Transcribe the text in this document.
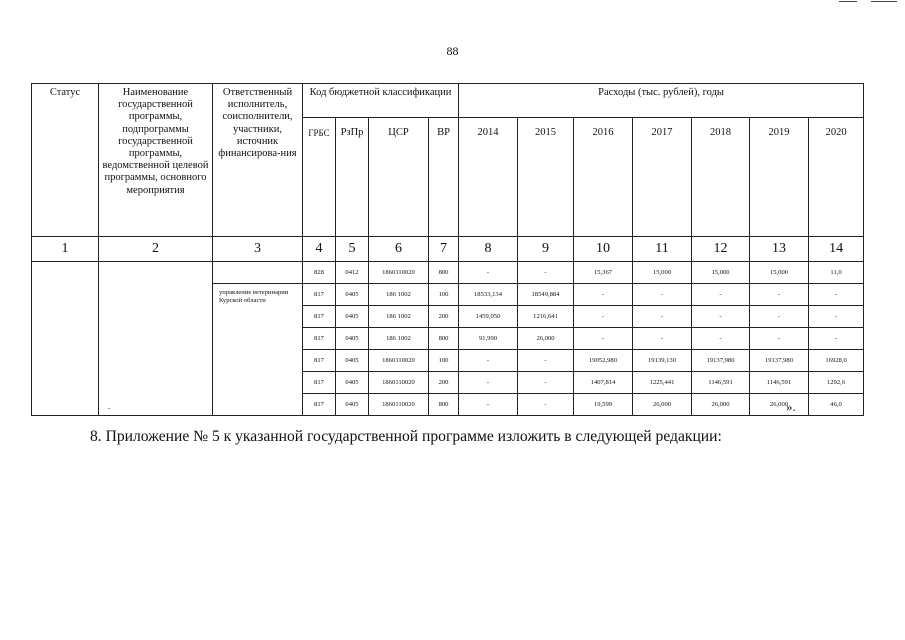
88
Статус	Наименование государственной программы, подпрограммы государственной программы, ведомственной целевой программы, основного мероприятия	Ответственный исполнитель, соисполнители, участники, источник финансирова-ния	Код бюджетной классификации				Расходы (тыс. рублей), годы						
			ГРБС	РзПр	ЦСР	ВР	2014	2015	2016	2017	2018	2019	2020
1	2	3	4	5	6	7	8	9	10	11	12	13	14
			828	0412	1860110020	800	-	-	15,367	15,000	15,000	15,000	11,0
		управление ветеринарии Курской области	817	0405	186 1002	100	18533,134	18549,884	-	-	-	-	-
			817	0405	186 1002	200	1459,050	1216,641	-	-	-	-	-
			817	0405	186 1002	800	91,990	26,000	-	-	-	-	-
			817	0405	1860110020	100	-	-	19052,980	19139,130	19137,980	19137,980	16928,0
			817	0405	1860110020	200	-	-	1407,814	1225,441	1146,591	1146,591	1292,6
			817	0405	1860110020	800	-	-	19,599	26,000	26,000	26,000	46,0
».
8. Приложение № 5 к указанной государственной программе изложить в следующей редакции:
